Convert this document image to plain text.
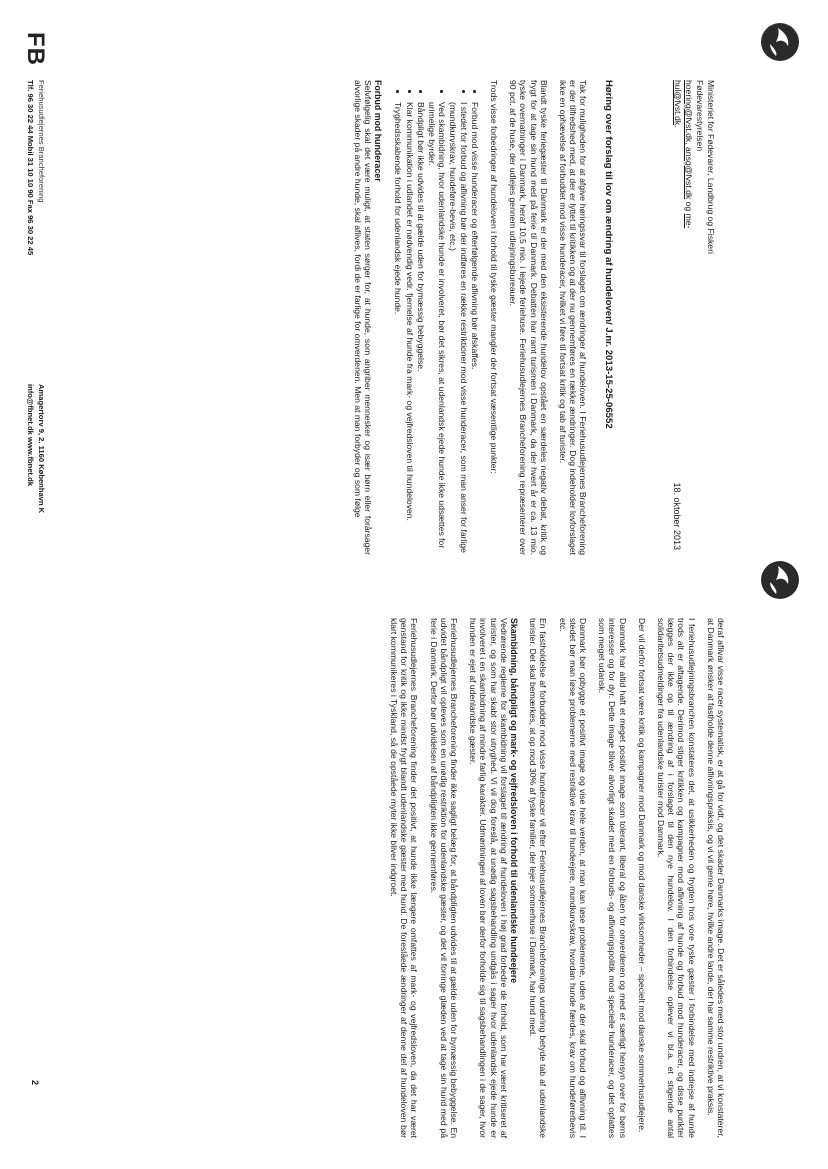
18. oktober 2013

Ministeriet for Fødevarer, Landbrug og Fiskeri

Fødevarestyrelsen

hoering@fvst.dk, ansg@fvst.dk og me-

hul@fvst.dk.

Høring over forslag til lov om ændring af hundeloven/ J.nr. 2013-15-25-06552

Tak for muligheden for at afgive høringssvar til forslaget om ændringer af hundeloven. I Feriehusudlejernes Brancheforening er der tilfredshed med, at der er lyttet til kritikken og at der nu gennemføres en række ændringer. Dog indeholder lovforslaget ikke en ophævelse af forbuddet mod visse hunderacer, hvilket vi føre til fortsat kritik og tab af turister.

Blandt tyske feriegæster til Danmark er der med den eksisterende hundelov opstået en særdeles negativ debat, kritik og frygt for at tage sin hund med på ferie til Danmark. Debatten har ramt turismen i Danmark, da der hvert år er ca. 13 mio. tyske overnatninger i Danmark, heraf 10,5 mio. i lejede feriehuse. Feriehusudlejernes Brancheforening repræsenterer over 90 pct. af de huse, der udlejes gennem udlejningsbureauer.

Trods visse forbedringer af hundeloven i forhold til tyske gæster mangler der fortsat væsentlige punkter:

• Forbud mod visse hunderacer og efterfølgende aflivning bør afskaffes.
• I stedet for forbud og aflivning bør der indføres en række restriktioner mod visse hunderacer, som man anser for farlige (mundkurvskrav, hundeføre-bevis, etc.)
• Ved skambidning, hvor udenlandske hunde er involveret, bør det sikres, at udenlandsk ejede hunde ikke udsættes for urimelige byrder.
• Båndpligt bør ikke udvides til at gælde uden for bymæssig bebyggelse.
• Klar kommunikation i udlandet er nødvendig vedr. fjernelse af hunde fra mark- og vejfredsloven til hundeloven.
• Tryghedsskabende forhold for udenlandsk ejede hunde.
Forbud mod hunderacer

Selvfølgelig skal det være muligt, at staten sørger for, at hunde, som angriber mennesker og især børn eller forårsager alvorlige skader på andre hunde, skal aflives, fordi de er farlige for omverdenen. Men at man forbyder og som følge

deraf aflivar visse racer systematisk, er at gå for vidt, og det skader Danmarks image. Det er således med stor undren, at vi konstaterer, at Danmark ønsker at fastholde denne aflivningspraksis, og vi vil gerne høre, hvilke andre lande, der har samme restriktive praksis.

I feriehusudlejningsbranchen konstateres det, at usikkerheden og frygten hos vore tyske gæster i forbindelse med indrejse af hunde trods alt er aftagende. Derimod stiger kritikken og kampagner mod aflivning af hunde og forbud mod hunderacer, og disse punkter lægges der ikke op til ændring af i forslaget til den nye hundelov. I den forbindelse oplever vi bl.a. et stigende antal solidaritetsudmeldinger fra udenlandske turister mod Danmark.

Der vil derfor fortsat være kritik og kampagner mod Danmark og mod danske virksomheder – specielt mod danske sommerhusudlejere.

Danmark har altid haft et meget positivt image som tolerant, liberal og åben for omverdenen og med et særligt hensyn over for børns interesser og for dyr. Dette image bliver alvorligt skadet med en forbuds- og aflivningspolitik mod specielle hunderacer, og det opfattes som meget udansk.

Danmark bør opbygge et positivt image og vise hele verden, at man kan løse problemerne, uden at der skal forbud og aflivning til. I stedet bør man løse problemerne med restriktive krav til hundeejere, mundkurvskrav, hvordan hunde færdes, krav om hundeførerbevis etc.

En fastholdelse af forbuddet mod visse hunderacer vil efter Feriehusudlejernes Brancheforenings vurdering betyde tab af udenlandske turister. Det skal bemærkes, at op mod 30% af tyske familier, der lejer sommerhuse i Danmark, har hund med.

Skambidning, båndpligt og mark- og vejfredsloven i forhold til udenlandske hundeejere

Vedrørende reglerne for skambidning vil forslaget til ændring af hundeloven i høj grad forbedre de forhold, som har været kritiseret af turister, og som har skabt stor utryghed. Vi vil dog foreslå, at unødig sagsbehandling undgås i sager hvor udenlandsk ejede hunde er involveret i en skambidning af mindre farlig karakter. Udmøntningen af loven bør derfor forholde sig til sagsbehandlingen i de sager, hvor hunden er ejet af udenlandske gæster.

Feriehusudlejernes Brancheforening finder ikke sagligt belæg for, at båndpligten udvides til at gælde uden for bymæssig bebyggelse. En udvidet båndpligt vil opleves som en unødig restriktion for udenlandske gæster, og det vil forringe glæden ved at tage sin hund med på ferie i Danmark. Derfor bør udvidelsen af båndpligten ikke gennemføres.

Feriehusudlejernes Brancheforening finder det positivt, at hunde ikke længere omfattes af mark- og vejfredsloven, da det har været genstand for kritik og ikke mindst frygt blandt udenlandske gæster med hund. De foreslåede ændringer af denne del af hundeloven bør klart kommunikeres i Tyskland, så de opståede myter ikke bliver indgroet.

FB
Feriehusudlejernes Brancheforening
Tlf. 96 30 22 44 Mobil 31 10 10 90 Fax 96 30 22 45
Amagertorv 9, 2. 1160 København K
info@fbnet.dk www.fbnet.dk
2
